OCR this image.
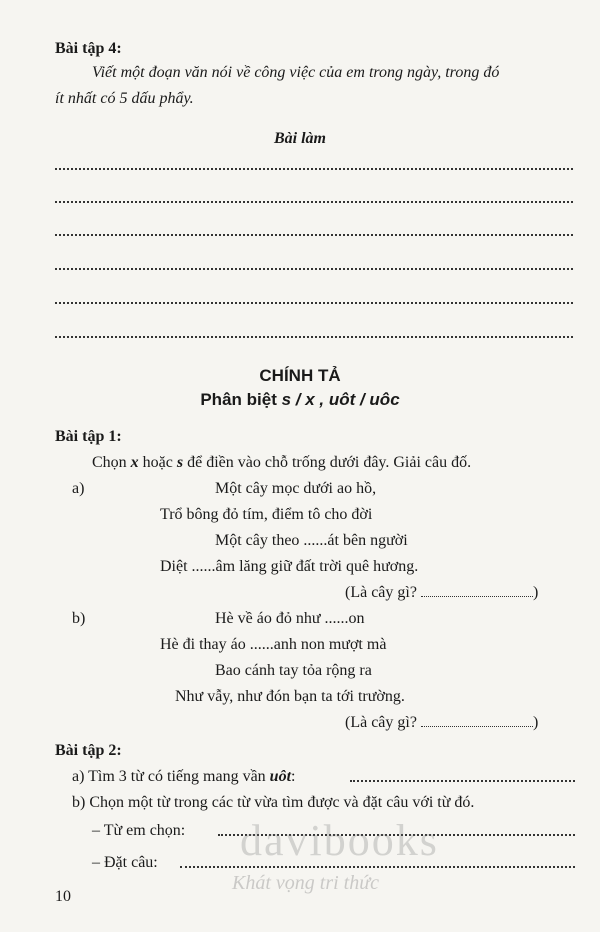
Bài tập 4:
Viết một đoạn văn nói về công việc của em trong ngày, trong đó
ít nhất có 5 dấu phẩy.
Bài làm
CHÍNH TẢ
Phân biệt s / x , uôt / uôc
Bài tập 1:
Chọn x hoặc s để điền vào chỗ trống dưới đây. Giải câu đố.
a)	Một cây mọc dưới ao hồ,
Trổ bông đỏ tím, điểm tô cho đời
Một cây theo ......át bên người
Diệt ......âm lăng giữ đất trời quê hương.
(Là cây gì?	)
b)	Hè về áo đỏ như ......on
Hè đi thay áo ......anh non mượt mà
Bao cánh tay tỏa rộng ra
Như vẫy, như đón bạn ta tới trường.
(Là cây gì?	)
Bài tập 2:
a) Tìm 3 từ có tiếng mang vần uôt:
b) Chọn một từ trong các từ vừa tìm được và đặt câu với từ đó.
– Từ em chọn:
– Đặt câu:
10
davibooks
Khát vọng tri thức
